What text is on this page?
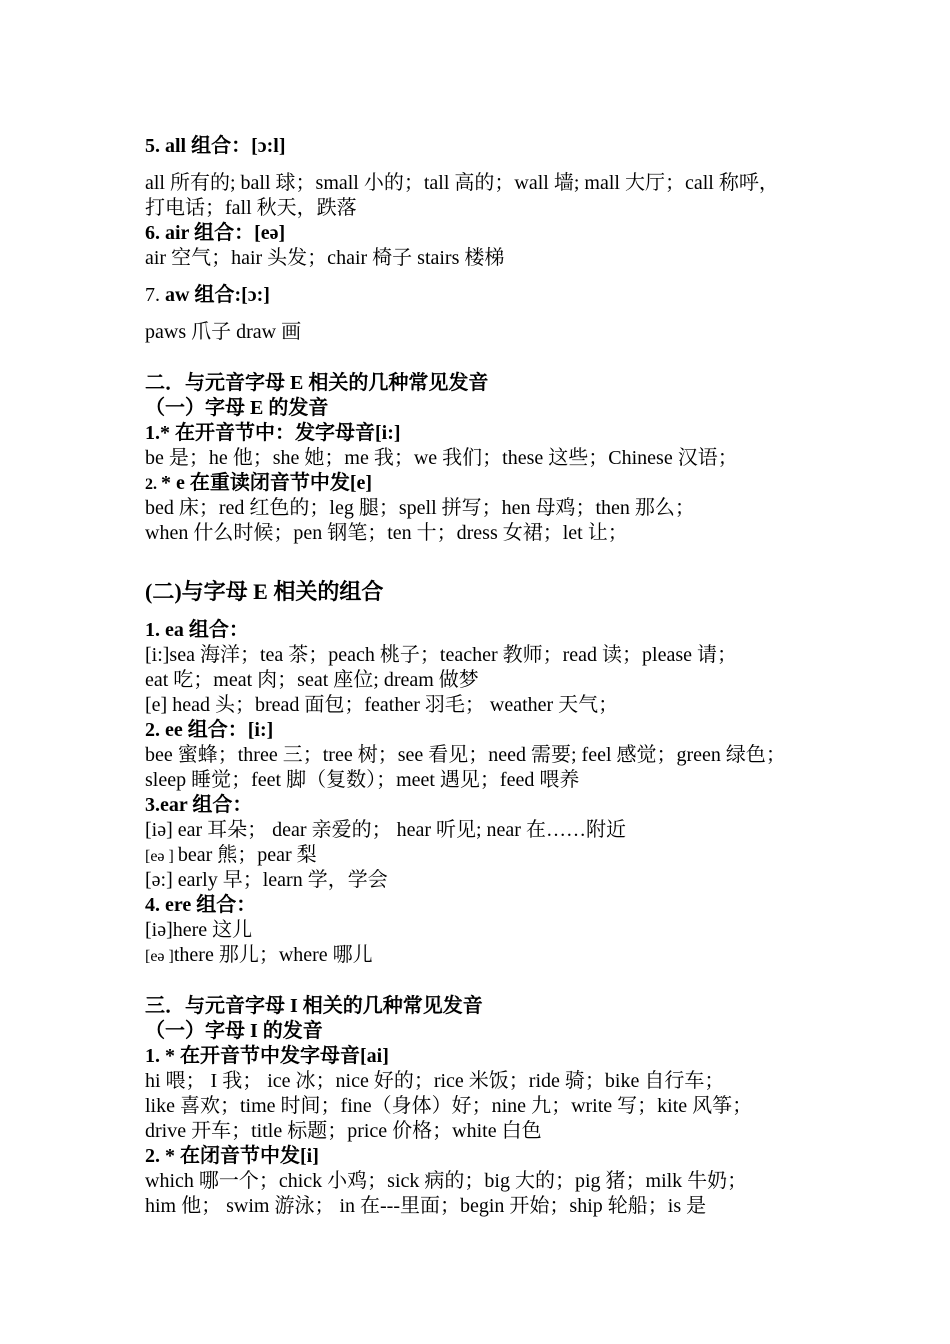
5. all 组合：[ɔ:l]
all 所有的; ball 球；small 小的；tall 高的；wall 墙; mall 大厅；call 称呼，
打电话；fall 秋天，跌落
6. air 组合：[eə]
air 空气；hair 头发；chair 椅子 stairs 楼梯
7. aw 组合:[ɔ:]
paws 爪子 draw 画
二．与元音字母 E 相关的几种常见发音
（一）字母 E 的发音
1.* 在开音节中：发字母音[i:]
be 是；he 他；she 她；me 我；we 我们；these 这些；Chinese 汉语；
2. * e 在重读闭音节中发[e]
bed 床；red 红色的；leg 腿；spell 拼写；hen 母鸡；then 那么；
when 什么时候；pen 钢笔；ten 十；dress 女裙；let 让；
(二)与字母 E 相关的组合
1. ea 组合：
[i:]sea 海洋；tea 茶；peach 桃子；teacher 教师；read 读；please 请；
eat 吃；meat 肉；seat 座位; dream 做梦
[e] head 头；bread 面包；feather 羽毛； weather 天气；
2. ee 组合：[i:]
bee 蜜蜂；three 三；tree 树；see 看见；need 需要; feel 感觉；green 绿色；
sleep 睡觉；feet 脚（复数）；meet 遇见；feed 喂养
3.ear 组合：
[iə] ear 耳朵； dear 亲爱的； hear 听见; near 在……附近
[eə ] bear 熊；pear 梨
[ə:] early 早；learn 学，学会
4. ere 组合：
[iə]here 这儿
[eə ]there 那儿；where 哪儿
三．与元音字母 I 相关的几种常见发音
（一）字母 I 的发音
1. * 在开音节中发字母音[ai]
hi 喂； I 我； ice 冰；nice 好的；rice 米饭；ride 骑；bike 自行车；
like 喜欢；time 时间；fine（身体）好；nine 九；write 写；kite 风筝；
drive 开车；title 标题；price 价格；white 白色
2. * 在闭音节中发[i]
which 哪一个；chick 小鸡；sick 病的；big 大的；pig 猪；milk 牛奶；
him 他； swim 游泳； in 在---里面；begin 开始；ship 轮船；is 是
